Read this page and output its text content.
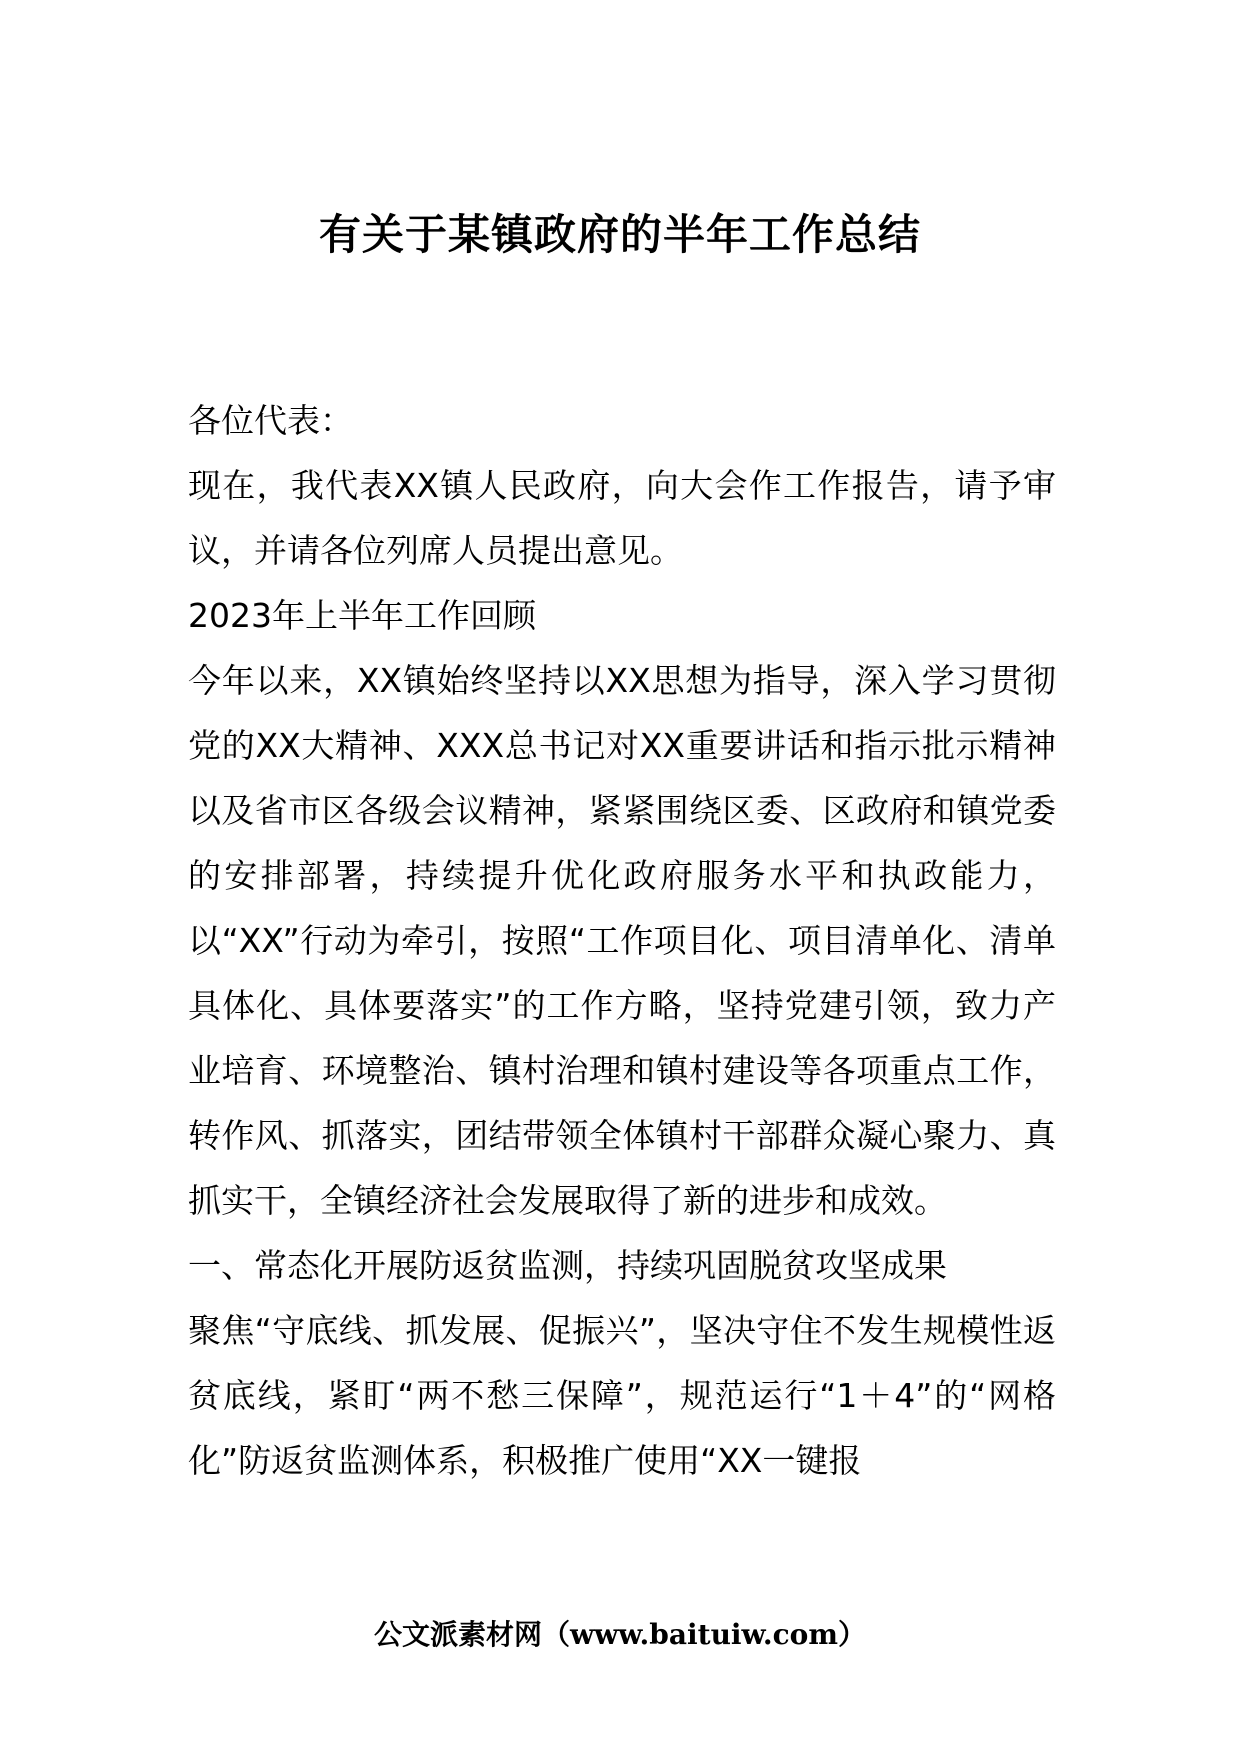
有关于某镇政府的半年工作总结

各位代表：

现在，我代表XX镇人民政府，向大会作工作报告，请予审议，并请各位列席人员提出意见。

2023年上半年工作回顾

今年以来，XX镇始终坚持以XX思想为指导，深入学习贯彻党的XX大精神、XXX总书记对XX重要讲话和指示批示精神以及省市区各级会议精神，紧紧围绕区委、区政府和镇党委的安排部署，持续提升优化政府服务水平和执政能力，以“XX”行动为牵引，按照“工作项目化、项目清单化、清单具体化、具体要落实”的工作方略，坚持党建引领，致力产业培育、环境整治、镇村治理和镇村建设等各项重点工作，转作风、抓落实，团结带领全体镇村干部群众凝心聚力、真抓实干，全镇经济社会发展取得了新的进步和成效。

一、常态化开展防返贫监测，持续巩固脱贫攻坚成果

聚焦“守底线、抓发展、促振兴”，坚决守住不发生规模性返贫底线，紧盯“两不愁三保障”，规范运行“1＋4”的“网格化”防返贫监测体系，积极推广使用“XX一键报

公文派素材网（www.baituiw.com）
